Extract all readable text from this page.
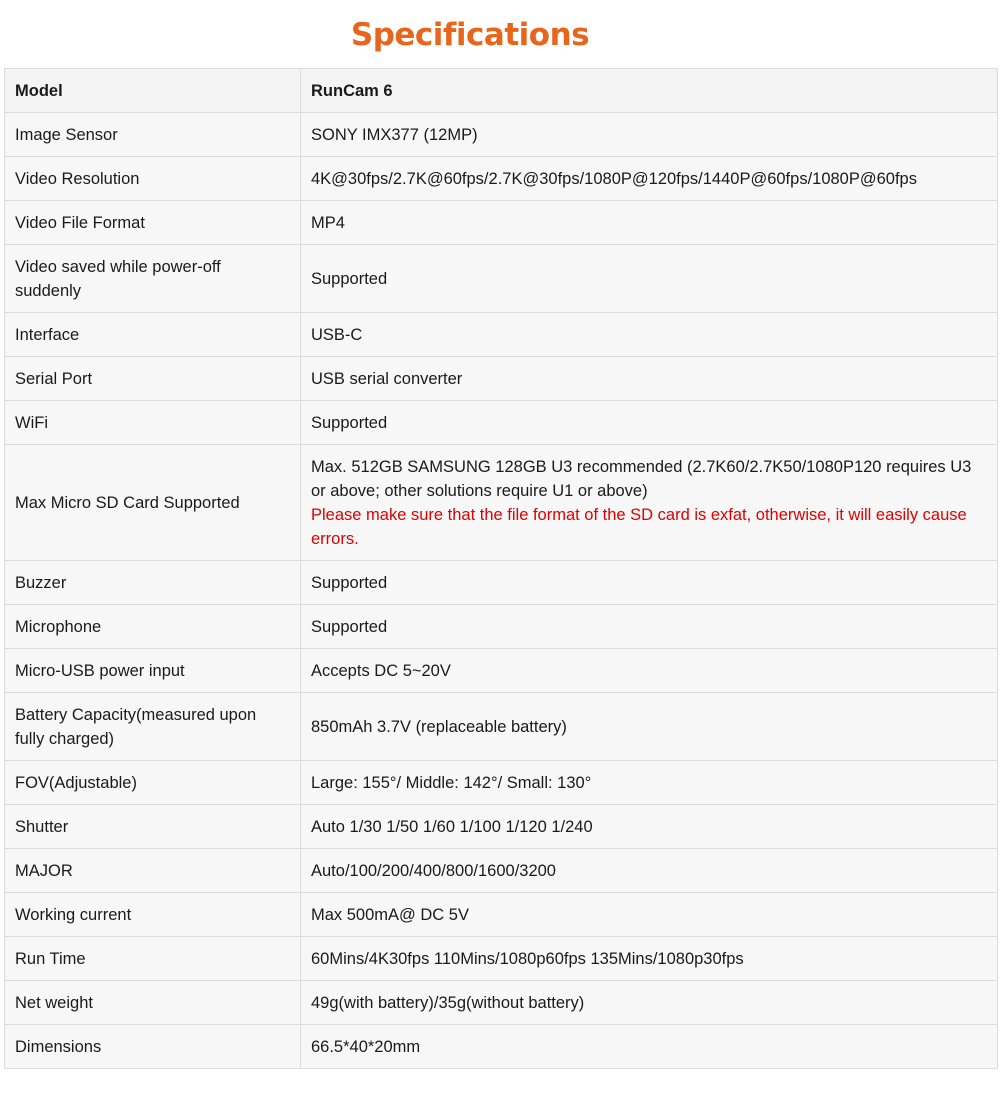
Specifications
Model	RunCam 6
Image Sensor	SONY IMX377 (12MP)
Video Resolution	4K@30fps/2.7K@60fps/2.7K@30fps/1080P@120fps/1440P@60fps/1080P@60fps
Video File Format	MP4
Video saved while power-off suddenly	Supported
Interface	USB-C
Serial Port	USB serial converter
WiFi	Supported
Max Micro SD Card Supported	Max. 512GB SAMSUNG 128GB U3 recommended (2.7K60/2.7K50/1080P120 requires U3 or above; other solutions require U1 or above)
Please make sure that the file format of the SD card is exfat, otherwise, it will easily cause errors.

Buzzer	Supported
Microphone	Supported
Micro-USB power input	Accepts DC 5~20V
Battery Capacity(measured upon fully charged)	850mAh 3.7V (replaceable battery)
FOV(Adjustable)	Large: 155°/ Middle: 142°/ Small: 130°
Shutter	Auto 1/30 1/50 1/60 1/100 1/120 1/240
MAJOR	Auto/100/200/400/800/1600/3200
Working current	Max 500mA@ DC 5V
Run Time	60Mins/4K30fps 110Mins/1080p60fps 135Mins/1080p30fps
Net weight	49g(with battery)/35g(without battery)
Dimensions	66.5*40*20mm
